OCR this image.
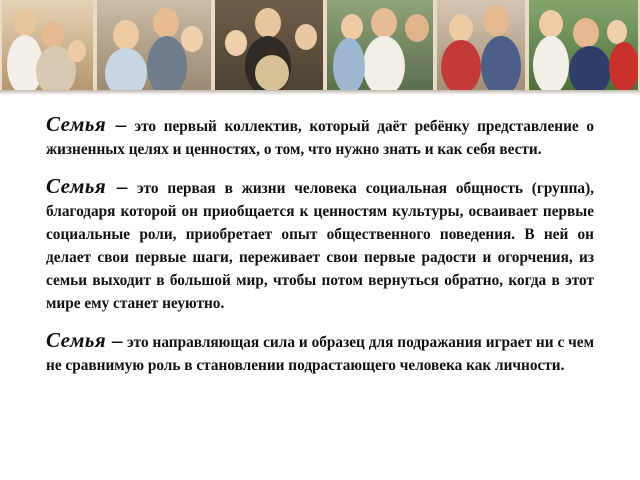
Семья – это первый коллектив, который даёт ребёнку представление о жизненных целях и ценностях, о том, что нужно знать и как себя вести.

Семья – это первая в жизни человека социальная общность (группа), благодаря которой он приобщается к ценностям культуры, осваивает первые социальные роли, приобретает опыт общественного поведения. В ней он делает свои первые шаги, переживает свои первые радости и огорчения, из семьи выходит в большой мир, чтобы потом вернуться обратно, когда в этот мире ему станет неуютно.

Семья – это направляющая сила и образец для подражания играет ни с чем не сравнимую роль в становлении подрастающего человека как личности.
